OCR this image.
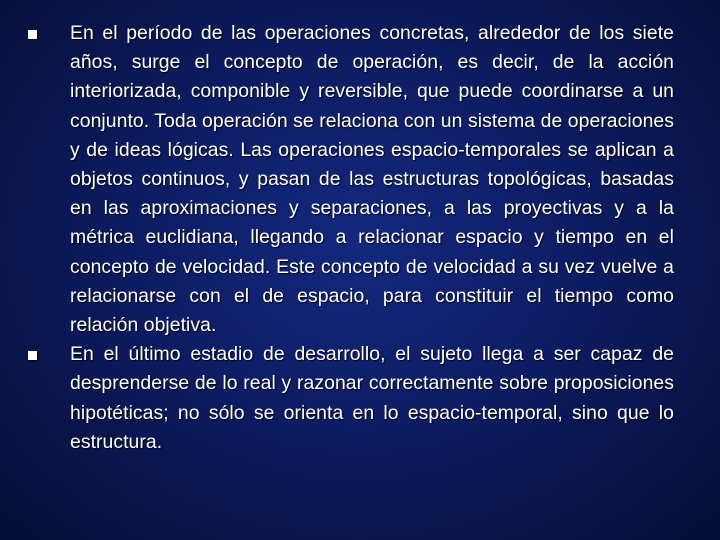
En el período de las operaciones concretas, alrededor de los siete años, surge el concepto de operación, es decir, de la acción interiorizada, componible y reversible, que puede coordinarse a un conjunto. Toda operación se relaciona con un sistema de operaciones y de ideas lógicas. Las operaciones espacio-temporales se aplican a objetos continuos, y pasan de las estructuras topológicas, basadas en las aproximaciones y separaciones, a las proyectivas y a la métrica euclidiana, llegando a relacionar espacio y tiempo en el concepto de velocidad. Este concepto de velocidad a su vez vuelve a relacionarse con el de espacio, para constituir el tiempo como relación objetiva.
En el último estadio de desarrollo, el sujeto llega a ser capaz de desprenderse de lo real y razonar correctamente sobre proposiciones hipotéticas; no sólo se orienta en lo espacio-temporal, sino que lo estructura.
